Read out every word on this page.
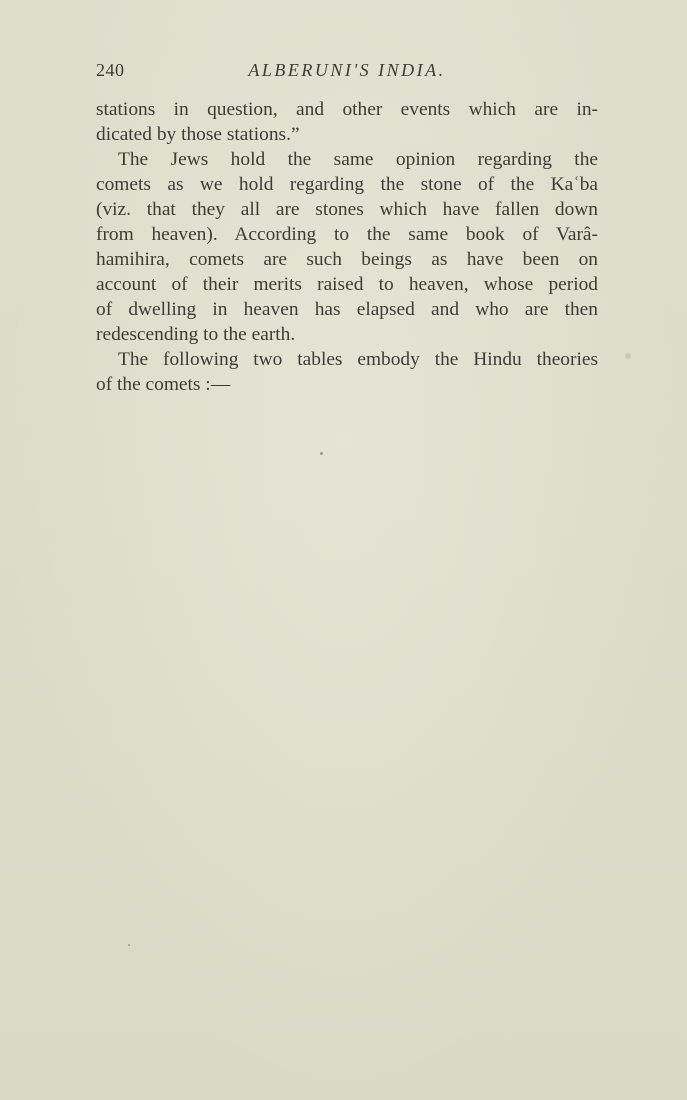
240	ALBERUNI'S INDIA.

stations in question, and other events which are in-
dicated by those stations.”

The Jews hold the same opinion regarding the
comets as we hold regarding the stone of the Kaʿba
(viz. that they all are stones which have fallen down
from heaven). According to the same book of Varâ-
hamihira, comets are such beings as have been on
account of their merits raised to heaven, whose period
of dwelling in heaven has elapsed and who are then
redescending to the earth.

The following two tables embody the Hindu theories
of the comets :—
